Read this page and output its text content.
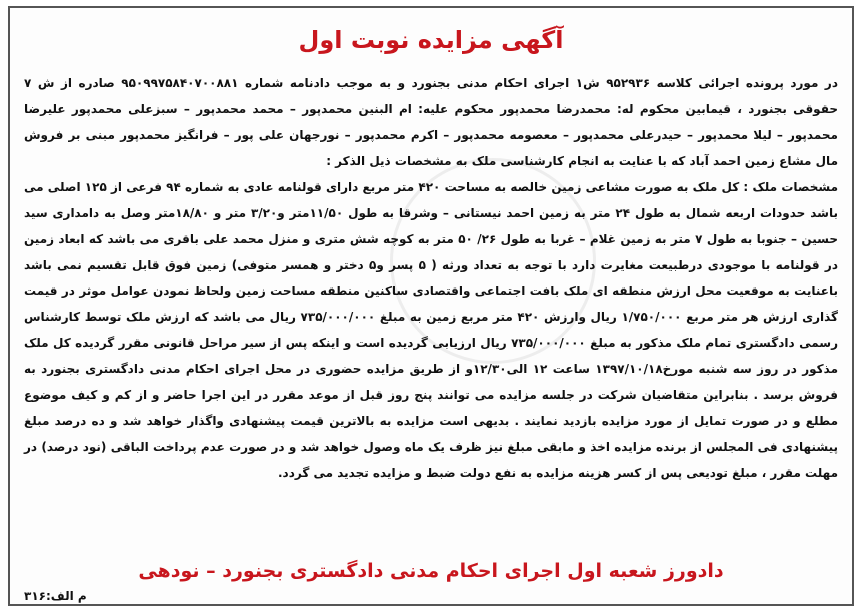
آگهی مزایده نوبت اول

در مورد پرونده اجرائی کلاسه ۹۵۲۹۳۶ ش۱ اجرای احکام مدنی بجنورد و به موجب دادنامه شماره ۹۵۰۹۹۷۵۸۴۰۷۰۰۸۸۱ صادره از ش ۷ حقوقی بجنورد ، قیمابین محکوم له: محمدرضا محمدپور محکوم علیه: ام البنین محمدپور – محمد محمدپور – سبزعلی محمدپور علیرضا محمدپور – لیلا محمدپور – حیدرعلی محمدپور – معصومه محمدپور – اکرم محمدپور – نورجهان علی پور – فرانگیز محمدپور مبنی بر فروش مال مشاع زمین احمد آباد که با عنایت به انجام کارشناسی ملک به مشخصات ذیل الذکر :

مشخصات ملک : کل ملک به صورت مشاعی زمین خالصه به مساحت ۴۲۰ متر مربع دارای قولنامه عادی به شماره ۹۴ فرعی از ۱۲۵ اصلی می باشد حدودات اربعه شمال به طول ۲۴ متر به زمین احمد نیستانی – وشرقا به طول ۱۱/۵۰متر و۳/۲۰ متر و ۱۸/۸۰متر وصل به دامداری سید حسین – جنوبا به طول ۷ متر به زمین غلام – غربا به طول ۲۶/ ۵۰ متر به کوچه شش متری و منزل محمد علی باقری می باشد که ابعاد زمین در قولنامه با موجودی درطبیعت مغایرت دارد با توجه به تعداد ورثه ( ۵ پسر و۵ دختر و همسر متوفی) زمین فوق قابل تقسیم نمی باشد باعنایت به موقعیت محل ارزش منطقه ای ملک بافت اجتماعی واقتصادی ساکنین منطقه مساحت زمین ولحاظ نمودن عوامل موثر در قیمت گذاری ارزش هر متر مربع ۱/۷۵۰/۰۰۰ ریال وارزش ۴۲۰ متر مربع زمین به مبلغ ۷۳۵/۰۰۰/۰۰۰ ریال می باشد که ارزش ملک توسط کارشناس رسمی دادگستری تمام ملک مذکور به مبلغ ۷۳۵/۰۰۰/۰۰۰ ریال ارزیابی گردیده است و اینکه پس از سیر مراحل قانونی مقرر گردیده کل ملک مذکور در روز سه شنبه مورخ۱۳۹۷/۱۰/۱۸ ساعت ۱۲ الی۱۲/۳۰و از طریق مزایده حضوری در محل اجرای احکام مدنی دادگستری بجنورد به فروش برسد . بنابراین متقاضیان شرکت در جلسه مزایده می توانند پنج روز قبل از موعد مقرر در این اجرا حاضر و از کم و کیف موضوع مطلع و در صورت تمایل از مورد مزایده بازدید نمایند . بدیهی است مزایده به بالاترین قیمت پیشنهادی واگذار خواهد شد و ده درصد مبلغ پیشنهادی فی المجلس از برنده مزایده اخذ و مابقی مبلغ نیز ظرف یک ماه وصول خواهد شد و در صورت عدم پرداخت الباقی (نود درصد) در مهلت مقرر ، مبلغ تودیعی پس از کسر هزینه مزایده به نفع دولت ضبط و مزایده تجدید می گردد.

دادورز شعبه اول اجرای احکام مدنی دادگستری بجنورد – نودهی
م الف:۳۱۶
